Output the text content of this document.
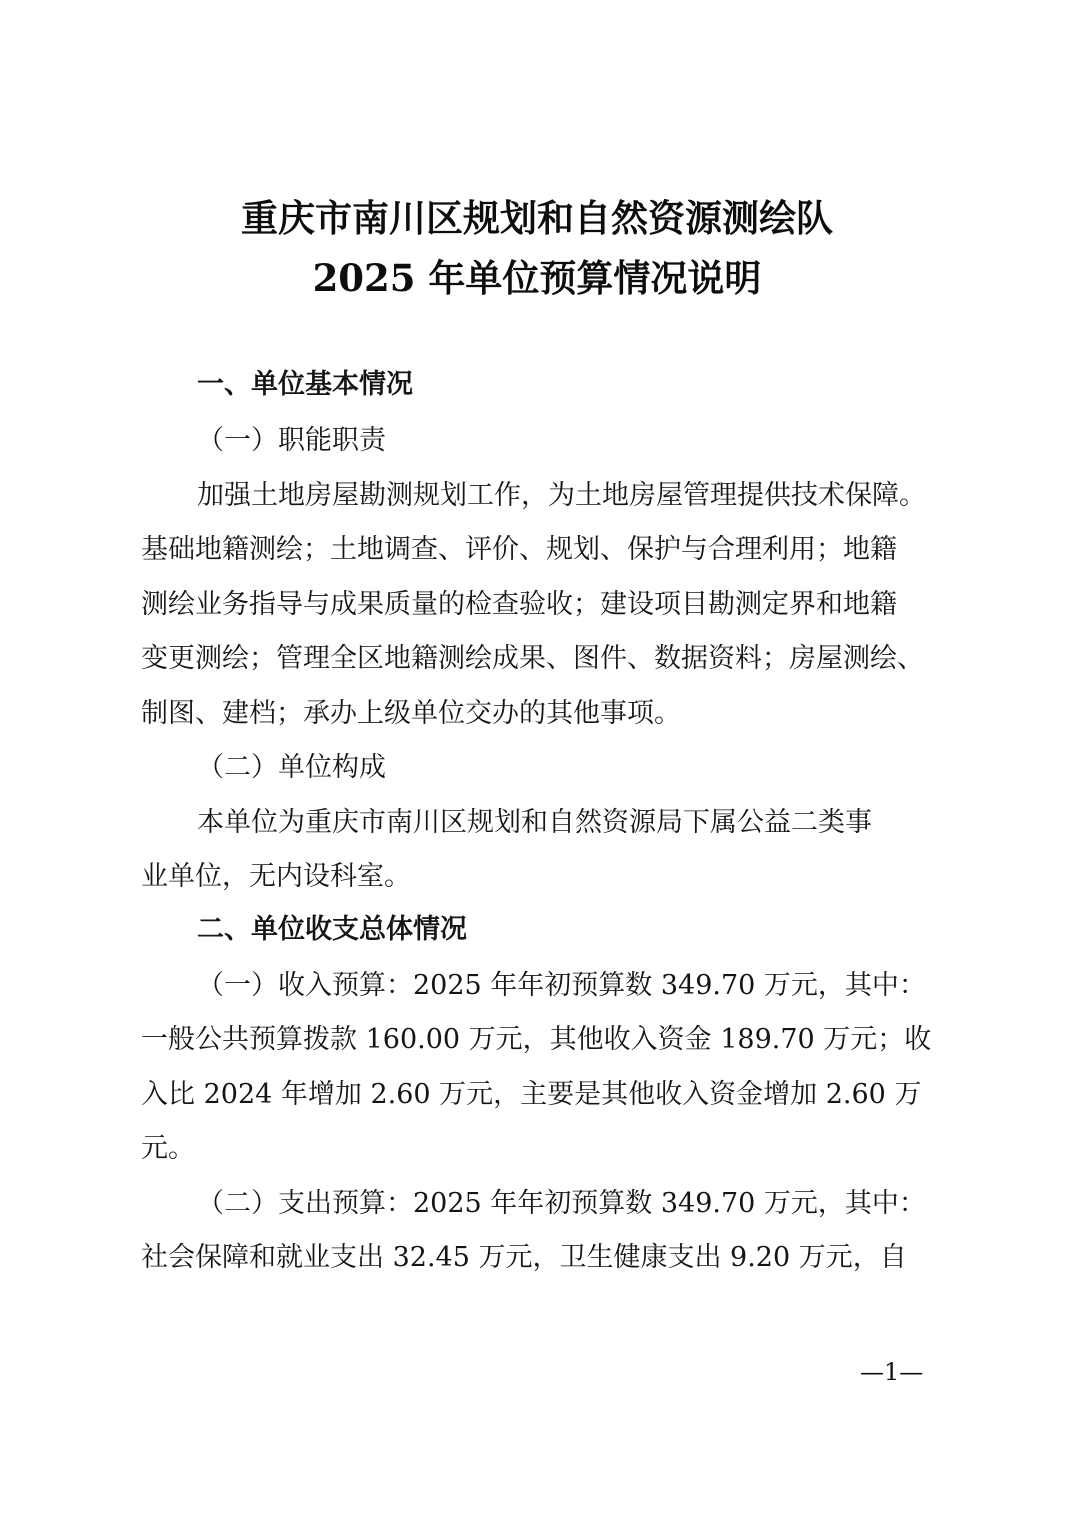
重庆市南川区规划和自然资源测绘队
2025 年单位预算情况说明
一、单位基本情况
（一）职能职责
加强土地房屋勘测规划工作，为土地房屋管理提供技术保障。
基础地籍测绘；土地调查、评价、规划、保护与合理利用；地籍
测绘业务指导与成果质量的检查验收；建设项目勘测定界和地籍
变更测绘；管理全区地籍测绘成果、图件、数据资料；房屋测绘、
制图、建档；承办上级单位交办的其他事项。
（二）单位构成
本单位为重庆市南川区规划和自然资源局下属公益二类事
业单位，无内设科室。
二、单位收支总体情况
（一）收入预算：2025 年年初预算数 349.70 万元，其中：
一般公共预算拨款 160.00 万元，其他收入资金 189.70 万元；收
入比 2024 年增加 2.60 万元，主要是其他收入资金增加 2.60 万
元。
（二）支出预算：2025 年年初预算数 349.70 万元，其中：
社会保障和就业支出 32.45 万元，卫生健康支出 9.20 万元，自
—1—
